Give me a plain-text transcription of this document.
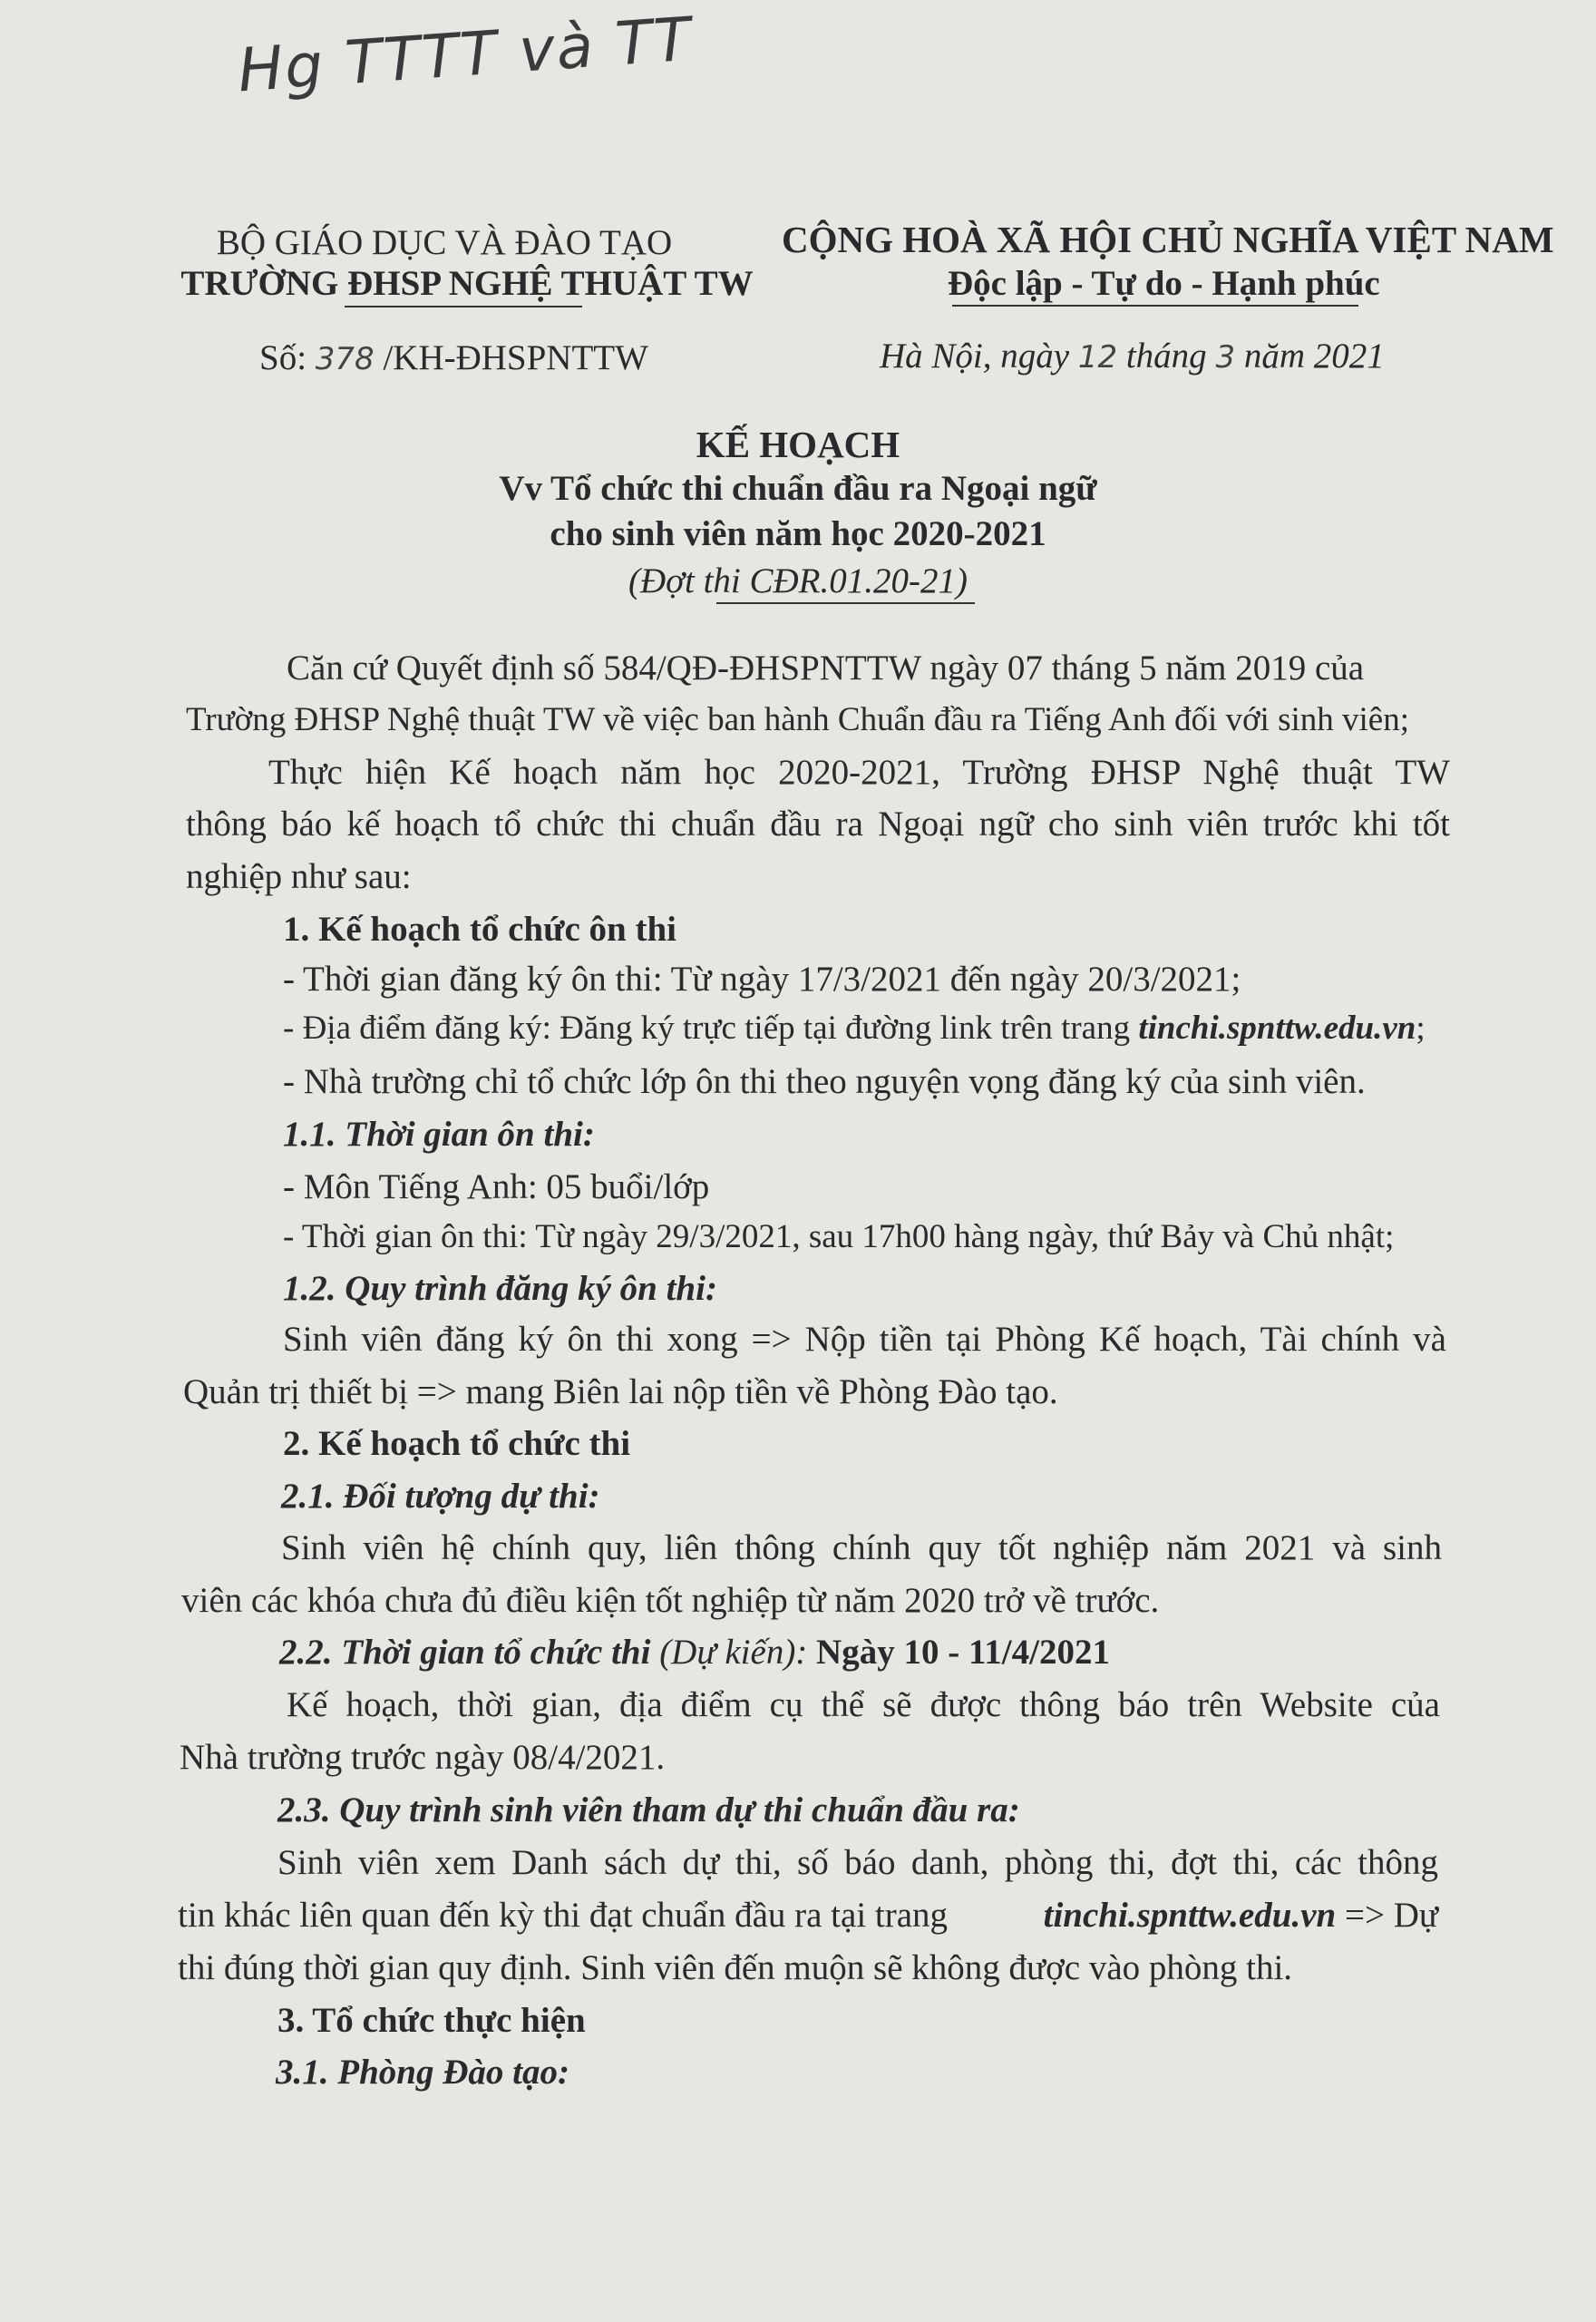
Hg TTTT và TT
BỘ GIÁO DỤC VÀ ĐÀO TẠO
TRƯỜNG ĐHSP NGHỆ THUẬT TW
CỘNG HOÀ XÃ HỘI CHỦ NGHĨA VIỆT NAM
Độc lập - Tự do - Hạnh phúc
Số: 378 /KH-ĐHSPNTTW	Hà Nội, ngày 12 tháng 3 năm 2021
KẾ HOẠCH
Vv Tổ chức thi chuẩn đầu ra Ngoại ngữ
cho sinh viên năm học 2020-2021
(Đợt thi CĐR.01.20-21)
Căn cứ Quyết định số 584/QĐ-ĐHSPNTTW ngày 07 tháng 5 năm 2019 của
Trường ĐHSP Nghệ thuật TW về việc ban hành Chuẩn đầu ra Tiếng Anh đối với sinh viên;
Thực hiện Kế hoạch năm học 2020-2021, Trường ĐHSP Nghệ thuật TW
thông báo kế hoạch tổ chức thi chuẩn đầu ra Ngoại ngữ cho sinh viên trước khi tốt
nghiệp như sau:
1. Kế hoạch tổ chức ôn thi
- Thời gian đăng ký ôn thi: Từ ngày 17/3/2021 đến ngày 20/3/2021;
- Địa điểm đăng ký: Đăng ký trực tiếp tại đường link trên trang tinchi.spnttw.edu.vn;
- Nhà trường chỉ tổ chức lớp ôn thi theo nguyện vọng đăng ký của sinh viên.
1.1. Thời gian ôn thi:
- Môn Tiếng Anh: 05 buổi/lớp
- Thời gian ôn thi: Từ ngày 29/3/2021, sau 17h00 hàng ngày, thứ Bảy và Chủ nhật;
1.2. Quy trình đăng ký ôn thi:
Sinh viên đăng ký ôn thi xong => Nộp tiền tại Phòng Kế hoạch, Tài chính và
Quản trị thiết bị => mang Biên lai nộp tiền về Phòng Đào tạo.
2. Kế hoạch tổ chức thi
2.1. Đối tượng dự thi:
Sinh viên hệ chính quy, liên thông chính quy tốt nghiệp năm 2021 và sinh
viên các khóa chưa đủ điều kiện tốt nghiệp từ năm 2020 trở về trước.
2.2. Thời gian tổ chức thi (Dự kiến): Ngày 10 - 11/4/2021
Kế hoạch, thời gian, địa điểm cụ thể sẽ được thông báo trên Website của
Nhà trường trước ngày 08/4/2021.
2.3. Quy trình sinh viên tham dự thi chuẩn đầu ra:
Sinh viên xem Danh sách dự thi, số báo danh, phòng thi, đợt thi, các thông
tin khác liên quan đến kỳ thi đạt chuẩn đầu ra tại trang	tinchi.spnttw.edu.vn => Dự
thi đúng thời gian quy định. Sinh viên đến muộn sẽ không được vào phòng thi.
3. Tổ chức thực hiện
3.1. Phòng Đào tạo:
